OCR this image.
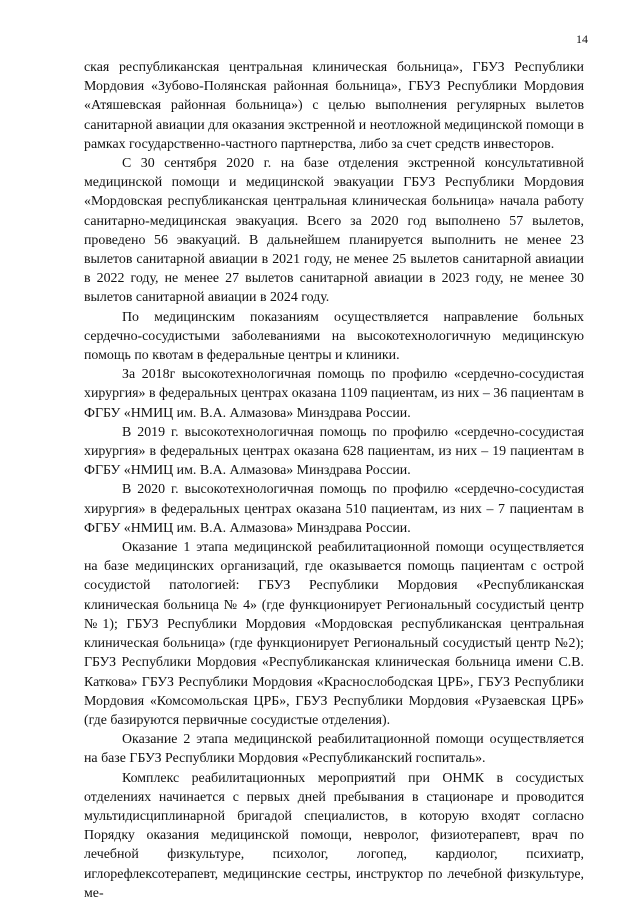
14

ская республиканская центральная клиническая больница», ГБУЗ Республики Мордовия «Зубово-Полянская районная больница», ГБУЗ Республики Мордовия «Атяшевская районная больница») с целью выполнения регулярных вылетов санитарной авиации для оказания экстренной и неотложной медицинской помощи в рамках государственно-частного партнерства, либо за счет средств инвесторов.

С 30 сентября 2020 г. на базе отделения экстренной консультативной медицинской помощи и медицинской эвакуации ГБУЗ Республики Мордовия «Мордовская республиканская центральная клиническая больница» начала работу санитарно-медицинская эвакуация. Всего за 2020 год выполнено 57 вылетов, проведено 56 эвакуаций. В дальнейшем планируется выполнить не менее 23 вылетов санитарной авиации в 2021 году, не менее 25 вылетов санитарной авиации в 2022 году, не менее 27 вылетов санитарной авиации в 2023 году, не менее 30 вылетов санитарной авиации в 2024 году.

По медицинским показаниям осуществляется направление больных сердечно-сосудистыми заболеваниями на высокотехнологичную медицинскую помощь по квотам в федеральные центры и клиники.

За 2018г высокотехнологичная помощь по профилю «сердечно-сосудистая хирургия» в федеральных центрах оказана 1109 пациентам, из них – 36 пациентам в ФГБУ «НМИЦ им. В.А. Алмазова» Минздрава России.

В 2019 г. высокотехнологичная помощь по профилю «сердечно-сосудистая хирургия» в федеральных центрах оказана 628 пациентам, из них – 19 пациентам в ФГБУ «НМИЦ им. В.А. Алмазова» Минздрава России.

В 2020 г. высокотехнологичная помощь по профилю «сердечно-сосудистая хирургия» в федеральных центрах оказана 510 пациентам, из них – 7 пациентам в ФГБУ «НМИЦ им. В.А. Алмазова» Минздрава России.

Оказание 1 этапа медицинской реабилитационной помощи осуществляется на базе медицинских организаций, где оказывается помощь пациентам с острой сосудистой патологией: ГБУЗ Республики Мордовия «Республиканская клиническая больница № 4» (где функционирует Региональный сосудистый центр №1); ГБУЗ Республики Мордовия «Мордовская республиканская центральная клиническая больница» (где функционирует Региональный сосудистый центр №2); ГБУЗ Республики Мордовия «Республиканская клиническая больница имени С.В. Каткова» ГБУЗ Республики Мордовия «Краснослободская ЦРБ», ГБУЗ Республики Мордовия «Комсомольская ЦРБ», ГБУЗ Республики Мордовия «Рузаевская ЦРБ» (где базируются первичные сосудистые отделения).

Оказание 2 этапа медицинской реабилитационной помощи осуществляется на базе ГБУЗ Республики Мордовия «Республиканский госпиталь».

Комплекс реабилитационных мероприятий при ОНМК в сосудистых отделениях начинается с первых дней пребывания в стационаре и проводится мультидисциплинарной бригадой специалистов, в которую входят согласно Порядку оказания медицинской помощи, невролог, физиотерапевт, врач по лечебной физкультуре, психолог, логопед, кардиолог, психиатр, иглорефлексотерапевт, медицинские сестры, инструктор по лечебной физкультуре, ме-
